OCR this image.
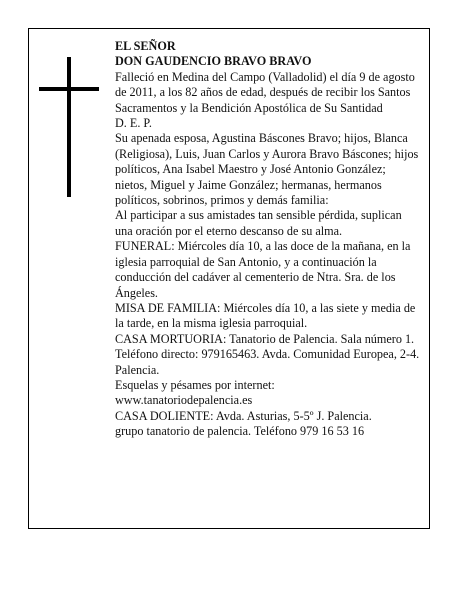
EL SEÑOR

DON GAUDENCIO BRAVO BRAVO

Falleció en Medina del Campo (Valladolid) el día 9 de agosto de 2011, a los 82 años de edad, después de recibir los Santos Sacramentos y la Bendición Apostólica de Su Santidad

D. E. P.

Su apenada esposa, Agustina Báscones Bravo; hijos, Blanca (Religiosa), Luis, Juan Carlos y Aurora Bravo Báscones; hijos políticos, Ana Isabel Maestro y José Antonio González; nietos, Miguel y Jaime González; hermanas, hermanos políticos, sobrinos, primos y demás familia:

Al participar a sus amistades tan sensible pérdida, suplican una oración por el eterno descanso de su alma.

FUNERAL: Miércoles día 10, a las doce de la mañana, en la iglesia parroquial de San Antonio, y a continuación la conducción del cadáver al cementerio de Ntra. Sra. de los Ángeles.

MISA DE FAMILIA: Miércoles día 10, a las siete y media de la tarde, en la misma iglesia parroquial.

CASA MORTUORIA: Tanatorio de Palencia. Sala número 1. Teléfono directo: 979165463. Avda. Comunidad Europea, 2-4. Palencia.

Esquelas y pésames por internet:

www.tanatoriodepalencia.es

CASA DOLIENTE: Avda. Asturias, 5-5º J. Palencia.

grupo tanatorio de palencia. Teléfono 979 16 53 16
